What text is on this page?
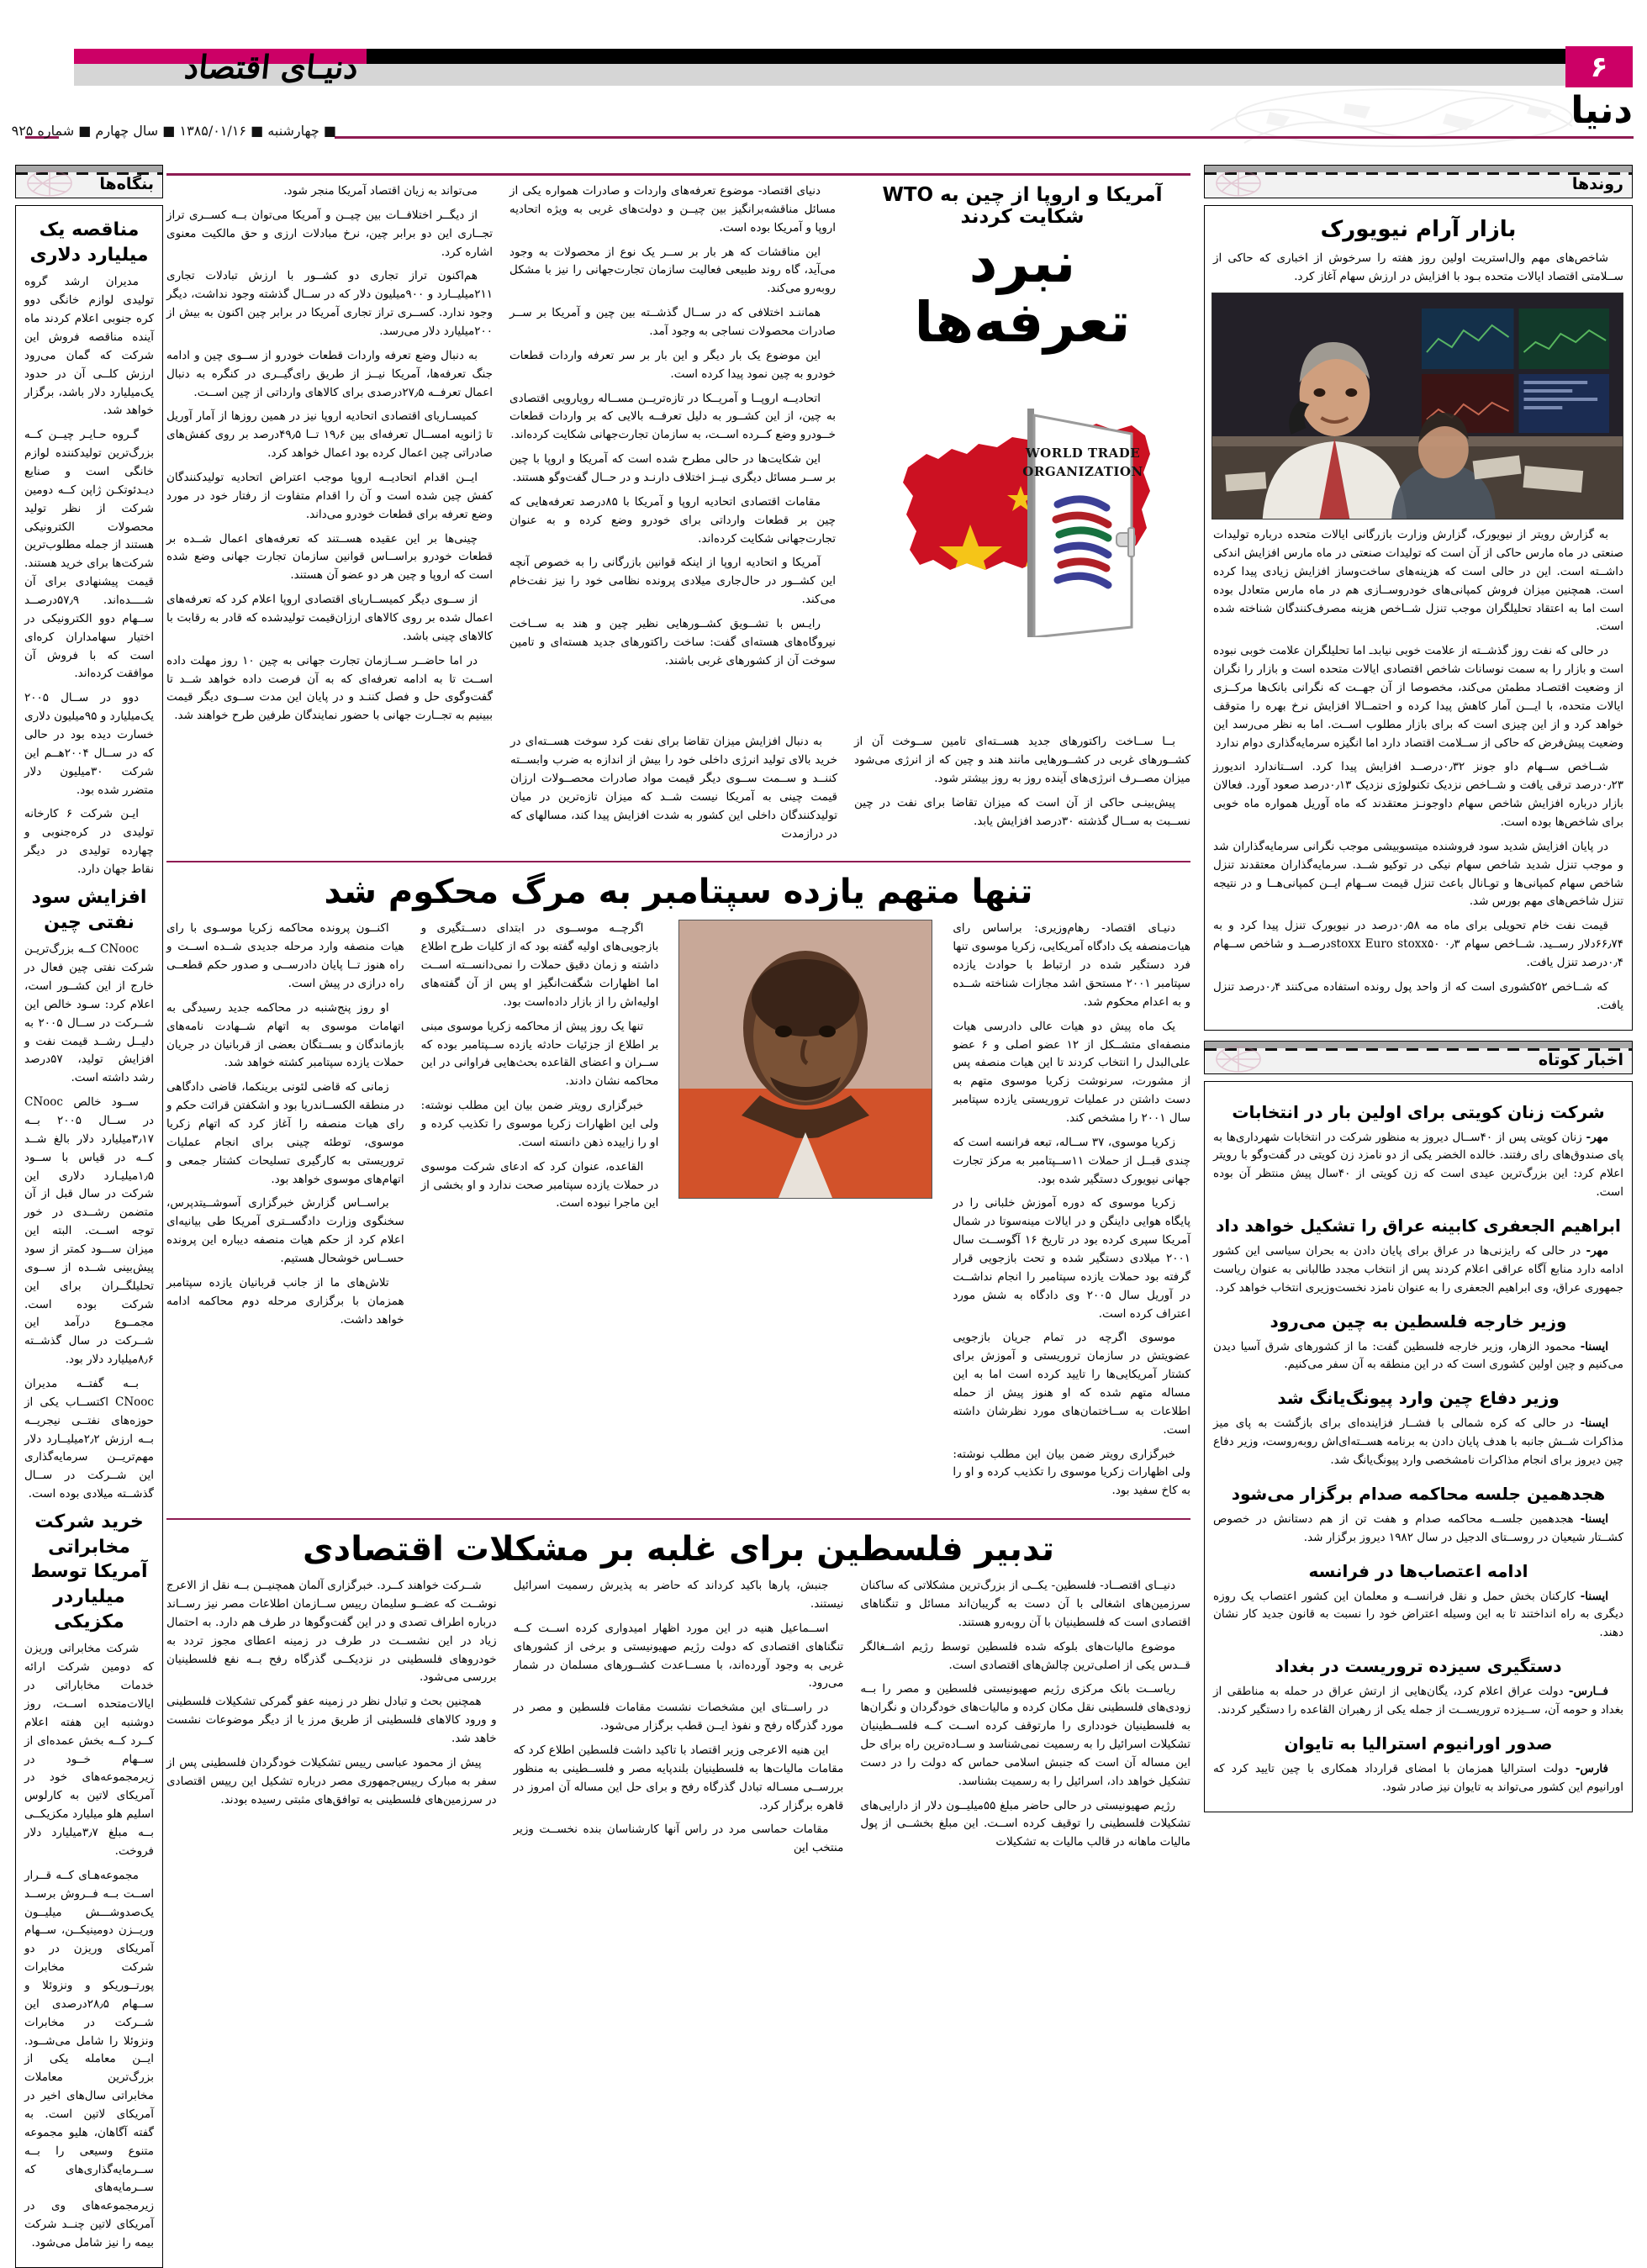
دنیـای اقتصاد	۶
دنیا
■ چهارشنبه ■ ۱۳۸۵/۰۱/۱۶ ■ سال چهارم ■ شماره ۹۲۵
بنگاه‌ها
مناقصه یک میلیارد دلاری

مدیران ارشد گروه تولیدی لوازم خانگی دوو کره جنوبی اعلام کردند ماه آینده مناقصه فروش این شرکت که گمان می‌رود ارزش کلــی آن در حدود یک‌میلیارد دلار باشد، برگزار خواهد شد.

گـروه حـایـر چیــن کــه بزرگ‌ترین تولیدکننده لوازم خانگی است و صنایع دیـدئوتکـن ژاپن کــه دومین شرکت از نظر تولید محصولات الکترونیکی هستند از جمله مطلوب‌ترین شرکت‌ها برای خرید هستند. قیمت پیشنهادی برای آن شــــده‌اند. ۵۷٫۹درصــد ســهام دوو الکترونیکی در اختیار سهامداران کره‌ای است که با فروش آن موافقت کرده‌اند.

دوو در ســال ۲۰۰۵ یک‌میلیارد و ۹۵میلیون دلاری خسارت دیده بود در حالی که در ســال ۲۰۰۴هــم این شرکت ۳۰میلیون دلار متضرر شده بود.

ایـن شرکت ۶ کارخانه تولیدی در کره‌جنوبی و چهارده تولیدی در دیگر نقاط جهان دارد.

افزایش سود نفتی چین

CNooc کــه بزرگ‌تریـن شرکت نفتی چین فعال در خارج از این کشــور است، اعلام کرد: سـود خالص این شــرکت در ســال ۲۰۰۵ به دلیــل رشــد قیمت نفت و افزایش تولید، ۵۷درصد رشد داشته است.

ســود خالص CNooc در ســال ۲۰۰۵ بــه ۳٫۱۷میلیارد دلار بالغ شــد کــه در قیاس با ســود ۱٫۵میلیـارد دلاری این شرکت در سال قبل از آن متضمن رشــدی در خور توجه اســت. البته این میزان ســـود کمتر از سود پیش‌بینی شــده از ســوی تحلیلگــران برای این شرکت بوده است. مجمــوع درآمد این شــرکت در سال گذشــته ۸٫۶میلیارد دلار بود.

بــه گفتــه مدیران CNooc اکتســاب یکی از حوزه‌های نفتــی نیجریــه بــه ارزش ۲٫۲میلیــارد دلار مهم‌تریــن سرمایه‌گذاری این شــرکت در ســال گذشــته میلادی بوده است.

خرید شرکت مخابراتی آمریکا توسط میلیاردر مکزیکی

شرکت مخابراتی وریزن که دومین شرکت ارائه خدمات مخاباراتی در ایالات‌متحده اســت، روز دوشنبه این هفته اعلام کــرد کــه بخش عمده‌ای از ســهام خــود در زیرمجموعه‌های خود در آمریکای لاتین به کارلوس اسلیم هلو میلیارد مکزیکــی بــه مبلغ ۳٫۷میلیارد دلار فروخت.

مجموعه‌هـای کــه قــرار اســت بــه فــروش برســد یک‌صدو‌شـــش میلیــون وریــزن دومینیکــن، ســهام آمریکای وریزن در دو شرکت مخابرات پورتــوریکو و ونزوئلا و ســهام ۲۸٫۵درصدی این شــرکت در مخابرات ونزوئلا را شامل می‌شــود. ایــن معامله یکی از بزرگ‌ترین معاملات مخابراتی سال‌های اخیر در آمریکای لاتین است. به گفته آگاهان، هلیو مجموعه متنوع وسیعی را بــه ســرمایه‌گذاری‌های که ســرمایه‌های زیرمجموعه‌های وی در آمریکای لاتین چنــد شرکت بیمه را نیز شامل می‌شود.

آمریکا و اروپا از چین به WTO شکایت کردند
نبرد تعرفه‌ها
WORLD TRADE
ORGANIZATION

دنیای اقتصاد- موضوع تعرفه‌های واردات و صادرات همواره یکی از مسائل مناقشه‌برانگیز بین چیــن و دولت‌های غربی به ویژه اتحادیه اروپا و آمریکا بوده است.

این مناقشات که هر بار بر ســر یک نوع از محصولات به وجود می‌آید، گاه روند طبیعی فعالیت سازمان تجارت‌جهانی را نیز با مشکل روبه‌رو می‌کند.

هماننـد اختلافی که در ســال گذشــته بین چین و آمریکا بر ســر صادرات محصولات نساجی به وجود آمد.

این موضوع یک بار دیگر و این بار بر سر تعرفه واردات قطعات خودرو به چین نمود پیدا کرده است.

اتحادیــه اروپــا و آمریــکا در تازه‌تریــن مســاله رویارویی اقتصادی به چین، از این کشــور به دلیل تعرفــه بالایی که بر واردات قطعات خــودرو وضع کــرده اســت، به سازمان تجارت‌جهانی شکایت کرده‌اند.

این شکایت‌ها در حالی مطرح شده است که آمریکا و اروپا با چین بر ســر مسائل دیگری نیــز اختلاف دارنـد و در حــال گفت‌وگو هستند.

مقامات اقتصادی اتحادیه اروپا و آمریکا با ۸۵درصد تعرفه‌هایی که چین بر قطعات وارداتی برای خودرو وضع کرده و به عنوان تجارت‌جهانی شکایت کرده‌اند.

آمریکا و اتحادیه اروپا از اینکه قوانین بازرگانی را به خصوص آنچه این کشــور در حال‌جاری میلادی پرونده نظامی خود را نیز نفت‌خام می‌کند.

رایـس با تشــویق کشــورهایی نظیر چین و هند به ســاخت نیروگاه‌های هسته‌ای گفت: ساخت راکتورهای جدید هسته‌ای و تامین سوخت آن از کشورهای غربی باشند.

می‌تواند به زیان اقتصاد آمریکا منجر شود.

از دیگــر اختلافــات بین چیــن و آمریکا می‌توان بــه کســری تراز تجــاری این دو برابر چین، نرخ مبادلات ارزی و حق مالکیت معنوی اشاره کرد.

هم‌اکنون تراز تجاری دو کشــور با ارزش تبادلات تجاری ۲۱۱میلیــارد و ۹۰۰میلیون دلار که در ســال گذشته وجود نداشت، دیگر وجود ندارد. کســری تراز تجاری آمریکا در برابر چین اکنون به بیش از ۲۰۰میلیارد دلار می‌رسد.

به دنبال وضع تعرفه واردات قطعات خودرو از ســوی چین و ادامه جنگ تعرفه‌ها، آمریکا نیــز از طریق رای‌گیــری در کنگره به دنبال اعمال تعرفــه ۲۷٫۵درصدی برای کالاهای وارداتی از چین اســت.

کمیسـاریای اقتصادی اتحادیه اروپا نیز در همین روزها از آمار آوریل تا ژانویه امســال تعرفه‌ای بین ۱۹٫۶ تــا ۴۹٫۵درصد بر روی کفش‌های صادراتی چین اعمال کرده بود اعمال خواهد کرد.

ایــن اقدام اتحادیــه اروپا موجب اعتراض اتحادیه تولیدکنندگان کفش چین شده است و آن را اقدام متفاوت از رفتار خود در مورد وضع تعرفه برای قطعات خودرو می‌داند.

چینی‌ها بر این عقیده هســتند که تعرفه‌های اعمال شــده بر قطعات خودرو براســاس قوانین سازمان تجارت جهانی وضع شده است که اروپا و چین هر دو عضو آن هستند.

از ســوی دیگر کمیســاریای اقتصادی اروپا اعلام کرد که تعرفه‌های اعمال شده بر روی کالاهای ارزان‌قیمت تولیدشده که قادر به رقابت با کالاهای چینی باشد.

در اما حاضــر ســازمان تجارت جهانی به چین ۱۰ روز مهلت داده اســت تا به ادامه تعرفه‌ای که به آن فرصت داده خواهد شــد تا گفت‌وگوی حل و فصل کننـد و در پایان این مدت ســوی دیگر قیمت ببینیم به تجــارت جهانی با حضور نمایندگان طرفین طرح خواهند شد.

بــا ســاخت راکتورهای جدید هســته‌ای تامین ســوخت آن از کشــورهای غربی در کشــورهایی مانند هند و چین که از انرژی می‌شود میزان مصــرف انرژی‌های آینده روز به روز بیشتر شود.

پیش‌بینـی حاکی از آن است که میزان تقاضا برای نفت در چین نســبت به ســال گذشته ۳۰درصد افزایش یابد.

به دنبال افزایش میزان تقاضا برای نفت کرد سوخت هســته‌ای در خرید بالای تولید انرژی داخلی خود را بیش از اندازه به ضرب وابســته کننــد و ســمت ســوی دیگر قیمت مواد صادرات محصــولات ارزان قیمت چینی به آمریکا نیست شــد که میزان تازه‌ترین در میان تولیدکنندگان داخلی این کشور به شدت افزایش پیدا کند، مسالهای که در درازمدت

تنها متهم یازده سپتامبر به مرگ محکوم شد

دنیـای اقتصاد- رهام‌وزیری: براساس رای هیات‌منصفه یک دادگاه آمریکایی، زکریا موسوی تنها فرد دستگیر شده در ارتباط با حوادث یازده سپتامبر ۲۰۰۱ مستحق اشد مجازات شناخته شــده و به اعدام محکوم شد.

یک ماه پیش دو هیات عالی دادرسی هیات منصفه‌ای متشــکل از ۱۲ عضو اصلی و ۶ عضو علی‌البدل را انتخاب کردند تا این هیات منصفه پس از مشورت، سرنوشت زکریا موسوی متهم به دست داشتن در عملیات تروریستی یازده سپتامبر سال ۲۰۰۱ را مشخص کند.

زکریا موسوی، ۳۷ ســاله، تبعه فرانسه است که چندی قبــل از حملات ۱۱ســپتامبر به مرکز تجارت جهانی نیویورک دستگیر شده بود.

زکریا موسوی که دوره آموزش خلبانی را در پایگاه هوایی داینگن و در ایالات مینه‌سوتا در شمال آمریکا سپری کرده بود در تاریخ ۱۶ آگوســت سال ۲۰۰۱ میلادی دستگیر شده و تحت بازجویی قرار گرفته بود حملات یازده سپتامبر را انجام نداشــت در آوریل سال ۲۰۰۵ وی دادگاه به شش مورد اعتراف کرده است.

موسوی اگرچه در تمام جریان بازجویی عضویتش در سازمان تروریستی و آموزش برای کشتار آمریکایی‌ها را تایید کرده است اما به این مساله متهم شده که او هنوز پیش از حمله اطلاعات به ســاختمان‌های مورد نظرشان داشته است.

خبرگزاری رویتر ضمن بیان این مطلب نوشته: ولی اظهارات زکریا موسوی را تکذیب کرده و او را به کاخ سفید بود.

اگرچــه موســوی در ابتدای دســتگیری و بازجویی‌های اولیه گفته بود که از کلیات طرح اطلاع داشته و زمان دقیق حملات را نمی‌دانســته اســت اما اظهارات شگفت‌انگیز او پس از آن گفته‌های اولیه‌اش را از بازار داده‌است بود.

تنها یک روز پیش از محاکمه زکریا موسوی مبنی بر اطلاع از جزئیات حادثه یازده ســپتامبر بوده که ســران و اعضای القاعده بحث‌هایی فراوانی در این محاکمه نشان دادند.

خبرگزاری رویتر ضمن بیان این مطلب نوشته: ولی این اظهارات زکریا موسوی را تکذیب کرده و او را زاییده ذهن دانسته است.

القاعده، عنوان کرد که ادعای شرکت موسوی در حملات یازده سپتامبر صحت ندارد و او بخشی از این ماجرا نبوده است.

اکنــون پرونده محاکمه زکریا موسـوی با رای هیات منصفه وارد مرحله جدیدی شــده اســت و راه هنوز تــا پایان دادرســی و صدور حکم قطعــی راه درازی در پیش است.

او روز پنج‌شنبه در محاکمه جدید رسیدگی به اتهامات موسوی به اتهام شــهادت نامه‌های بازماندگان و بســتگان بعضی از قربانیان در جریان حملات یازده سپتامبر کشته خواهد شد.

زمانی که قاضی لئونی برینکما، قاضی دادگاهی در منطقه الکســاندریا بود و اشکفتن قرائت حکم و رای هیات منصفه را آغاز کرد که اتهام زکریا موسوی، توطئه چینی برای انجام عملیات تروریستی به کارگیری تسلیحات کشتار جمعی و اتهام‌های موسوی خواهد بود.

براســاس گزارش خبرگزاری آسوشــیتدپرس، سخنگوی وزارت دادگســتری آمریکا طی بیانیه‌ای اعلام کرد از حکم هیات منصفه دیباره این پرونده حســاس خوشحال هستیم.

تلاش‌های ما از جانب قربانیان یازده سپتامبر همزمان با برگزاری مرحله دوم محاکمه ادامه خواهد داشت.

تدبیر فلسطین برای غلبه بر مشکلات اقتصادی

دنیــای اقتصــاد- فلسطین- یکــی از بزرگ‌ترین مشکلاتی که ساکنان سرزمین‌های اشغالی با آن دست به گریبان‌اند مسائل و تنگناهای اقتصادی است که فلسطینیان با آن روبه‌رو هستند.

موضوع مالیات‌های بلوکه شده فلسطین توسط رژیم اشــغالگر قــدس یکی از اصلی‌ترین چالش‌های اقتصادی است.

ریاســت بانک مرکزی رژیم صهیونیستی فلسطین و مصر را بــه زودی‌های فلسطینی نقل مکان کرده و مالیات‌های خودگردان و نگران‌ها به فلسطینیان خودداری را مارتوقف کرده اســت کــه فلســطینیان تشکیلات اسرائیل را به رسمیت نمی‌شناسد و ســاده‌ترین راه برای حل این مساله آن است که جنبش اسلامی حماس که دولت را در دست تشکیل خواهد داد، اسرائیل را به رسمیت بشناسد.

رژیم صهیونیستی در حالی حاضر مبلغ ۵۵میلیــون دلار از دارایی‌های تشکیلات فلسطینی را توقیف کرده اســت. این مبلغ بخشــی از پول مالیات ماهانه در قالب مالیات به تشکیلات

جنبش، پارها باکید کرداند که حاضر به پذیرش رسمیت اسرائیل نیستند.

اســماعیل هنیه در این مورد اظهار امیدواری کرده اســت کــه تنگناهای اقتصادی که دولت رژیم صهیونیستی و برخی از کشورهای غربی به وجود آورده‌اند، با مســاعدت کشــورهای مسلمان در شمار می‌رود.

در راســتای این مشخصات نشست مقامات فلسطین و مصر در مورد گذرگاه رفح و نفوذ ایــن قطب برگزار می‌شود.

این هنیه الاعرجی وزیر اقتصاد با تاکید داشت فلسطین اطلاع کرد که مقامات مالیات‌ها به فلسطینیان بلندپایه مصر و فلســطینی به منظور بررســی مسـاله تبادل گذرگاه رفح و برای حل این مساله آن امروز در قاهره برگزار کرد.

مقامات حماسی مرد در راس آنها کارشناسان بنده نخســت وزیر منتخب این

شــرکت خواهند کــرد. خبرگزاری آلمان همچنیــن بــه نقل از الاعرج نوشــت که عضــو سلیمان رییس ســازمان اطلاعات مصر نیز رســاند درباره اطراف تصدی و در این گفت‌وگوها در طرف هم دارد. به احتمال زیاد در این نشســت در طرف در زمینه اعطای مجوز تردد به خودروهای فلسطینی در نزدیکــی گذرگاه رفح بــه نفع فلسطینیان بررسی می‌شود.

همچنین بحث و تبادل نظر در زمینه عفو گمرکی تشکیلات فلسطینی و ورود کالاهای فلسطینی از طریق مرز یا از دیگر موضوعات نشست خاهد شد.

پیش از محمود عباسی رییس تشکیلات خودگردان فلسطینی پس از سفر به مبارک رییس‌جمهوری مصر درباره تشکیل این رییس اقتصادی در سرزمین‌های فلسطینی به توافق‌های مثبتی رسیده بودند.

روندها
بازار آرام نیویورک

شاخص‌های مهم وال‌استریت اولین روز هفته را سرخوش از اخباری که حاکی از ســلامتی اقتصاد ایالات متحده بـود با افزایش در ارزش سهام آغاز کرد.

به گزارش رویتر از نیویورک، گزارش وزارت بازرگانی ایالات متحده درباره تولیدات صنعتی در ماه مارس حاکی از آن است که تولیدات صنعتی در ماه مارس افزایش اندکی داشــته است. این در حالی است که هزینه‌های ساخت‌وساز افزایش زیادی پیدا کرده است. همچنین میزان فروش کمپانی‌های خودروســازی هم در ماه مارس متعادل بوده است اما به اعتقاد تحلیلگران موجب تنزل شــاخص هزینه مصرف‌کنندگان شناخته شده است.

در حالی که نفت روز گذشــته از علامت خوبی نیابدـ اما تحلیلگران علامت خوبی نبوده است و بازار را به سمت نوسانات شاخص اقتصادی ایالات متحده است و بازار را نگران از وضعیت اقتصـاد مطمئن می‌کند، مخصوصا از آن جهــت که نگرانی بانک‌ها مرکــزی ایالات متحده، با ایـــن آمار کاهش پیدا کرده و احتمــالا افزایش نرخ بهره را متوقف خواهد کرد و از این چیزی است که برای بازار مطلوب اســت. اما به نظر می‌رسد این وضعیت پیش‌فرض که حاکی از ســلامت اقتصاد دارد اما انگیزه سرمایه‌گذاری دوام ندارد

شــاخص ســهام داو جونز ۰٫۳۲درصــد افزایش پیدا کرد. اســتاندارد اندیورز ۰٫۲۳درصد ترقی یافت و شــاخص نزدیک تکنولوژی نزدیک ۰٫۱۳درصد صعود آورد. فعالان بازار درباره افزایش شاخص سهام داوجونـز معتقدند که ماه آوریل همواره ماه خوبی برای شاخص‌ها بوده است.

در پایان افزایش شدید سود فروشنده میتسوبیشی موجب نگرانی سرمایه‌گذاران شد و موجب تنزل شدید شاخص سهام نیکی در توکیو شــد. سرمایه‌گذاران معتقدند تنزل شاخص سهام کمپانی‌ها و توـانال باعث تنزل قیمت ســهام ایــن کمپانی‌هــا و در نتیجه تنزل شاخص‌های مهم بورس شد.

قیمت نفت خام تحویلی برای ماه مه ۰٫۵۸درصد در نیویورک تنزل پیدا کرد و به ۶۶٫۷۴دلار رســید. شــاخص سهام stoxx Euro stoxx۵۰ ۰٫۳درصــد و شاخص ســهام ۰٫۴درصد تنزل یافت.

که شــاخص ۵۲کشوری است که از واحد پول رونده استفاده می‌کنند ۰٫۴درصد تنزل یافت.

اخبار کوتاه
شرکت زنان کویتی برای اولین بار در انتخابات

مهر- زنان کویتی پس از ۴۰ســال دیروز به منظور شرکت در انتخابات شهرداری‌ها به پای صندوق‌های رای رفتند. خالده الخضر یکی از دو نامزد زن کویتی در گفت‌وگو با رویتر اعلام کرد: این بزرگ‌ترین عیدی است که زن کویتی از ۴۰سال پیش منتظر آن بوده است.

ابراهیم الجعفری کابینه عراق را تشکیل خواهد داد

مهر- در حالی که رایزنی‌ها در عراق برای پایان دادن به بحران سیاسی این کشور ادامه دارد منابع آگاه عراقی اعلام کردند پس از انتخاب مجدد طالبانی به عنوان ریاست جمهوری عراق، وی ابراهیم الجعفری را به عنوان نامزد نخست‌وزیری انتخاب خواهد کرد.

وزیر خارجه فلسطین به چین می‌رود

ایسنا- محمود الزهار، وزیر خارجه فلسطین گفت: ما از کشورهای شرق آسیا دیدن می‌کنیم و چین اولین کشوری است که در این منطقه به آن سفر می‌کنیم.

وزیر دفاع چین وارد پیونگ‌یانگ شد

ایسنا- در حالی که کره شمالی با فشــار فزاینده‌ای برای بازگشت به پای میز مذاکرات شــش جانبه با هدف پایان دادن به برنامه هســته‌ای‌اش روبه‌روست، وزیر دفاع چین دیروز برای انجام مذاکرات نامشخصی وارد پیونگ‌یانگ شد.

هجدهمین جلسه محاکمه صدام برگزار می‌شود

ایسنا- هجدهمین جلســه محاکمه صدام و هفت تن از هم دستانش در خصوص کشــتار شیعیان در روســتای الدجیل در سال ۱۹۸۲ دیروز برگزار شد.

ادامه اعتصاب‌ها در فرانسه

ایسنا- کارکنان بخش حمل و نقل فرانســه و معلمان این کشور اعتصاب یک روزه دیگری به راه انداختند تا به این وسیله اعتراض خود را نسبت به قانون جدید کار نشان دهند.

دستگیری سیزده تروریست در بغداد

فــارس- دولت عراق اعلام کرد، یگان‌هایی از ارتش عراق در حمله به مناطقی از بغداد و حومه آن، ســیزده تروریســت از جمله یکی از رهبران القاعده را دستگیر کردند.

صدور اورانیوم استرالیا به تایوان

فارس- دولت استرالیا همزمان با امضای قرارداد همکاری با چین تایید کرد که اورانیوم این کشور می‌تواند به تایوان نیز صادر شود.
